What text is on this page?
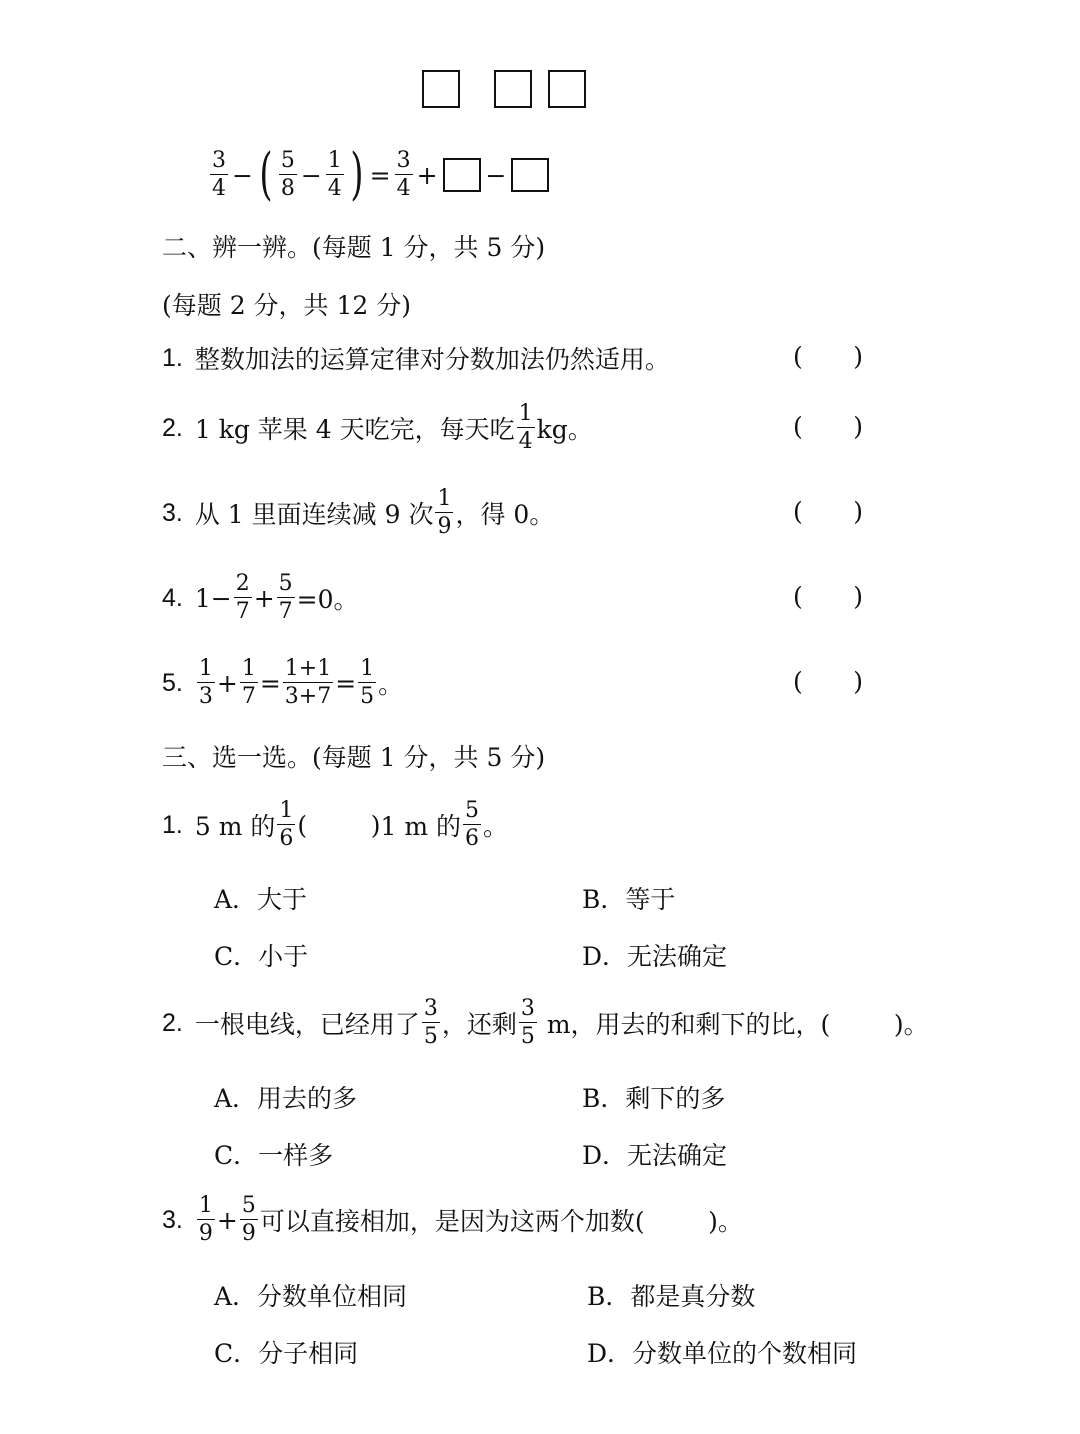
$\frac{3}{4}$ − ( $\frac{5}{8} - \frac{1}{4}$ ) = $\frac{3}{4}$ + −
二、辨一辨。(每题 1 分，共 5 分)
(每题 2 分，共 12 分)
1. 整数加法的运算定律对分数加法仍然适用。	( )
2. 1 kg 苹果 4 天吃完，每天吃 $\frac{1}{4}$ kg。	( )
3. 从 1 里面连续减 9 次 $\frac{1}{9}$ ，得 0。	( )
4. $1- \frac{2}{7} + \frac{5}{7} =0$。	( )
5. $\frac{1}{3} + \frac{1}{7} = \frac{1+1}{3+7} = \frac{1}{5}$ 。	( )
三、选一选。(每题 1 分，共 5 分)
1. 5 m 的 $\frac{1}{6}$ (        ) 1 m 的 $\frac{5}{6}$ 。
A．大于	B．等于
C．小于	D．无法确定
2. 一根电线，已经用了 $\frac{3}{5}$ ，还剩 $\frac{3}{5}$ m，用去的和剩下的比，(        )。
A．用去的多	B．剩下的多
C．一样多	D．无法确定
3. $\frac{1}{9} + \frac{5}{9}$ 可以直接相加，是因为这两个加数(        )。
A．分数单位相同	B．都是真分数
C．分子相同	D．分数单位的个数相同
